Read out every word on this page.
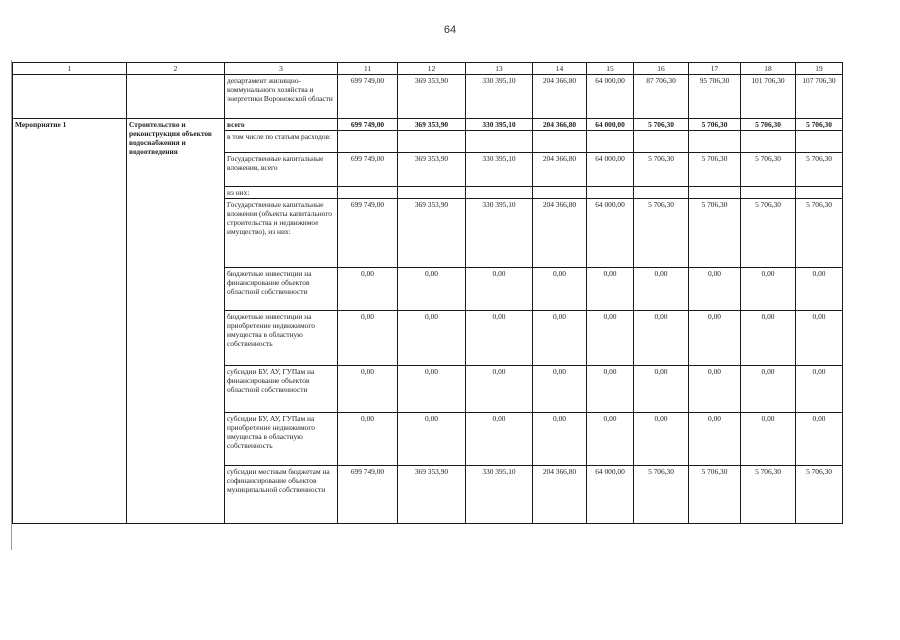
64
1	2	3	11	12	13	14	15	16	17	18	19
		департамент жилищно-коммунального хозяйства и энергетики Воронежской области	699 749,00	369 353,90	330 395,10	204 366,80	64 000,00	87 706,30	95 706,30	101 706,30	107 706,30
Мероприятие 1	Строительство и реконструкция объектов водоснабжения и водоотведения	всего	699 749,00	369 353,90	330 395,10	204 366,80	64 000,00	5 706,30	5 706,30	5 706,30	5 706,30
		в том числе по статьям расходов:									
		Государственные капитальные вложения, всего	699 749,00	369 353,90	330 395,10	204 366,80	64 000,00	5 706,30	5 706,30	5 706,30	5 706,30
		из них:									
		Государственные капитальные вложения (объекты капитального строительства и недвижимое имущество), из них:	699 749,00	369 353,90	330 395,10	204 366,80	64 000,00	5 706,30	5 706,30	5 706,30	5 706,30
		бюджетные инвестиции на финансирование объектов областной собственности	0,00	0,00	0,00	0,00	0,00	0,00	0,00	0,00	0,00
		бюджетные инвестиции на приобретение недвижимого имущества в областную собственность	0,00	0,00	0,00	0,00	0,00	0,00	0,00	0,00	0,00
		субсидии БУ, АУ, ГУПам на финансирование объектов областной собственности	0,00	0,00	0,00	0,00	0,00	0,00	0,00	0,00	0,00
		субсидии БУ, АУ, ГУПам на приобретение недвижимого имущества в областную собственность	0,00	0,00	0,00	0,00	0,00	0,00	0,00	0,00	0,00
		субсидии местным бюджетам на софинансирование объектов муниципальной собственности	699 749,00	369 353,90	330 395,10	204 366,80	64 000,00	5 706,30	5 706,30	5 706,30	5 706,30
